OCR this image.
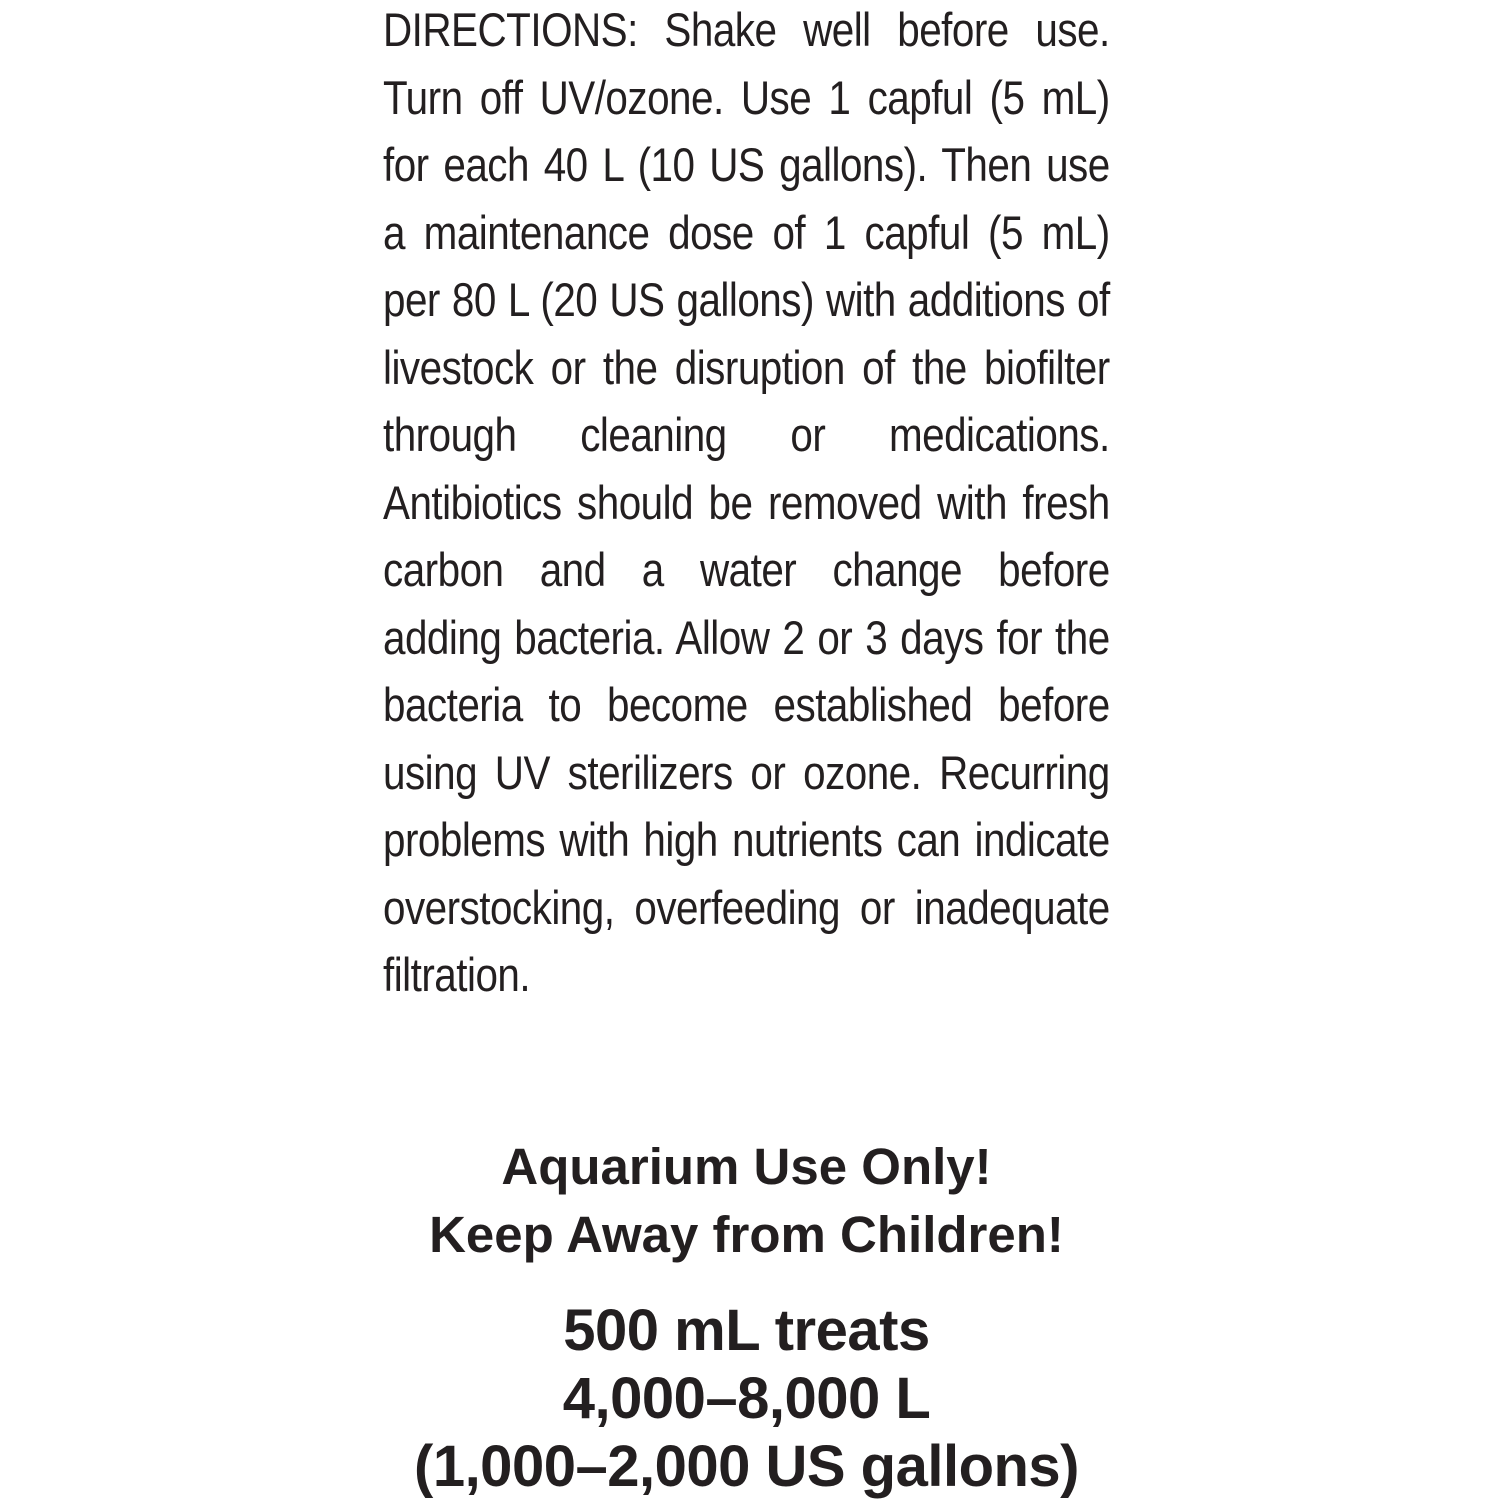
DIRECTIONS: Shake well before use. Turn off UV/ozone. Use 1 capful (5 mL) for each 40 L (10 US gallons). Then use a maintenance dose of 1 capful (5 mL) per 80 L (20 US gallons) with additions of livestock or the disruption of the biofilter through cleaning or medications. Antibiotics should be removed with fresh carbon and a water change before adding bacteria. Allow 2 or 3 days for the bacteria to become established before using UV sterilizers or ozone. Recurring problems with high nutrients can indicate overstocking, overfeeding or inadequate filtration.

Aquarium Use Only!

Keep Away from Children!

500 mL treats

4,000–8,000 L

(1,000–2,000 US gallons)
